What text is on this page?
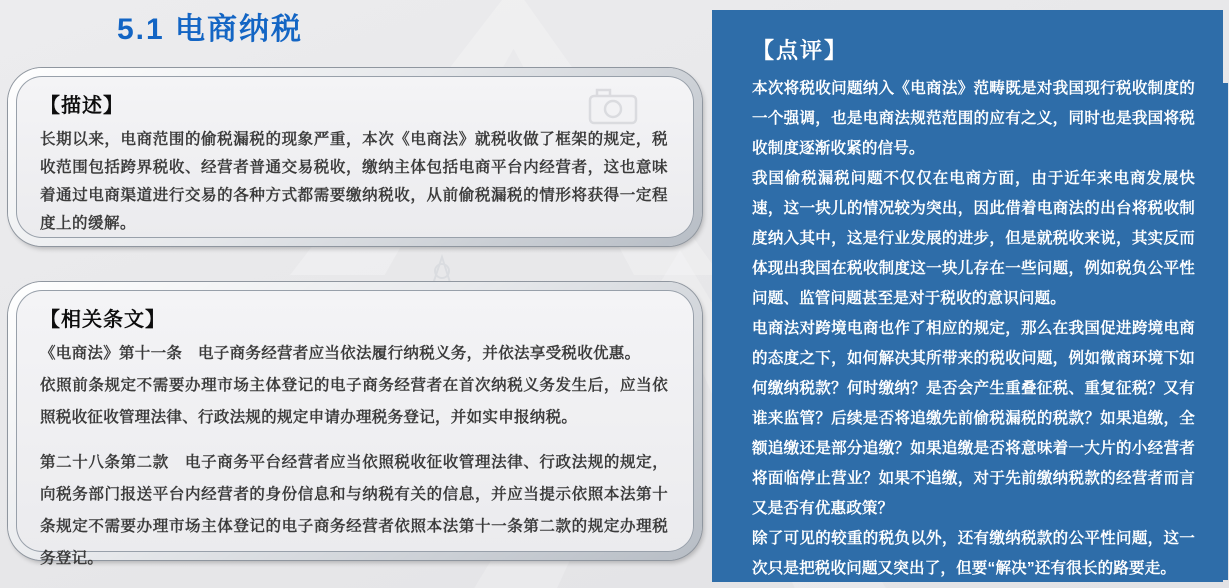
5.1 电商纳税
【描述】
长期以来，电商范围的偷税漏税的现象严重，本次《电商法》就税收做了框架的规定，税收范围包括跨界税收、经营者普通交易税收，缴纳主体包括电商平台内经营者，这也意味着通过电商渠道进行交易的各种方式都需要缴纳税收，从前偷税漏税的情形将获得一定程度上的缓解。
【相关条文】

《电商法》第十一条　电子商务经营者应当依法履行纳税义务，并依法享受税收优惠。

依照前条规定不需要办理市场主体登记的电子商务经营者在首次纳税义务发生后，应当依照税收征收管理法律、行政法规的规定申请办理税务登记，并如实申报纳税。

第二十八条第二款　电子商务平台经营者应当依照税收征收管理法律、行政法规的规定，向税务部门报送平台内经营者的身份信息和与纳税有关的信息，并应当提示依照本法第十条规定不需要办理市场主体登记的电子商务经营者依照本法第十一条第二款的规定办理税务登记。

【点评】

本次将税收问题纳入《电商法》范畴既是对我国现行税收制度的一个强调，也是电商法规范范围的应有之义，同时也是我国将税收制度逐渐收紧的信号。

我国偷税漏税问题不仅仅在电商方面，由于近年来电商发展快速，这一块儿的情况较为突出，因此借着电商法的出台将税收制度纳入其中，这是行业发展的进步，但是就税收来说，其实反而体现出我国在税收制度这一块儿存在一些问题，例如税负公平性问题、监管问题甚至是对于税收的意识问题。

电商法对跨境电商也作了相应的规定，那么在我国促进跨境电商的态度之下，如何解决其所带来的税收问题，例如微商环境下如何缴纳税款？何时缴纳？是否会产生重叠征税、重复征税？又有谁来监管？后续是否将追缴先前偷税漏税的税款？如果追缴，全额追缴还是部分追缴？如果追缴是否将意味着一大片的小经营者将面临停止营业？如果不追缴，对于先前缴纳税款的经营者而言又是否有优惠政策？

除了可见的较重的税负以外，还有缴纳税款的公平性问题，这一次只是把税收问题又突出了，但要“解决”还有很长的路要走。
